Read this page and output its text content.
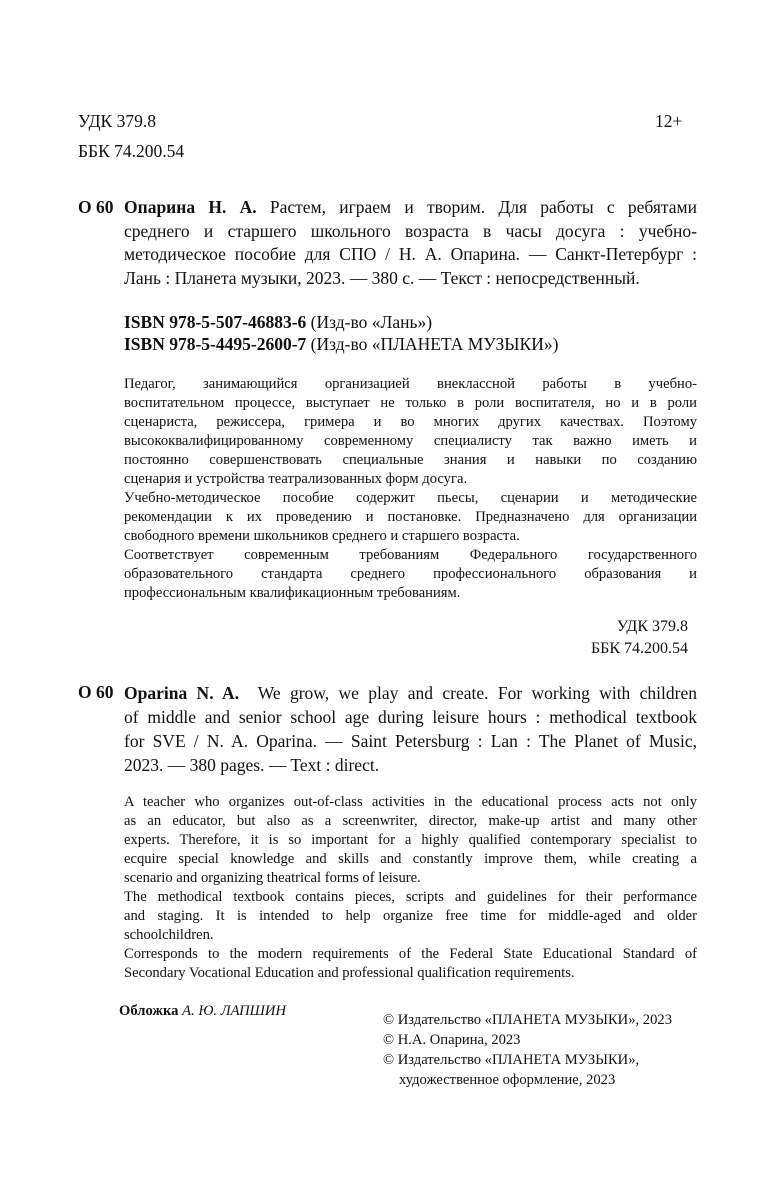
УДК 379.8	12+
ББК 74.200.54
О 60 Опарина Н. А. Растем, играем и творим. Для работы с ребятами
среднего и старшего школьного возраста в часы досуга : учебно-
методическое пособие для СПО / Н. А. Опарина. — Санкт-Петербург :
Лань : Планета музыки, 2023. — 380 с. — Текст : непосредственный.
ISBN 978-5-507-46883-6 (Изд-во «Лань»)
ISBN 978-5-4495-2600-7 (Изд-во «ПЛАНЕТА МУЗЫКИ»)
Педагог, занимающийся организацией внеклассной работы в учебно-
воспитательном процессе, выступает не только в роли воспитателя, но и в роли
сценариста, режиссера, гримера и во многих других качествах. Поэтому
высококвалифицированному современному специалисту так важно иметь и
постоянно совершенствовать специальные знания и навыки по созданию
сценария и устройства театрализованных форм досуга.
Учебно-методическое пособие содержит пьесы, сценарии и методические
рекомендации к их проведению и постановке. Предназначено для организации
свободного времени школьников среднего и старшего возраста.
Соответствует современным требованиям Федерального государственного
образовательного стандарта среднего профессионального образования и
профессиональным квалификационным требованиям.
УДК 379.8
ББК 74.200.54
О 60 Oparina N. A. We grow, we play and create. For working with children
of middle and senior school age during leisure hours : methodical textbook
for SVE / N. A. Oparina. — Saint Petersburg : Lan : The Planet of Music,
2023. — 380 pages. — Text : direct.
A teacher who organizes out-of-class activities in the educational process acts not only
as an educator, but also as a screenwriter, director, make-up artist and many other
experts. Therefore, it is so important for a highly qualified contemporary specialist to
ecquire special knowledge and skills and constantly improve them, while creating a
scenario and organizing theatrical forms of leisure.
The methodical textbook contains pieces, scripts and guidelines for their performance
and staging. It is intended to help organize free time for middle-aged and older
schoolchildren.
Corresponds to the modern requirements of the Federal State Educational Standard of
Secondary Vocational Education and professional qualification requirements.
Обложка А. Ю. ЛАПШИН
© Издательство «ПЛАНЕТА МУЗЫКИ», 2023
© Н.А. Опарина, 2023
© Издательство «ПЛАНЕТА МУЗЫКИ»,
художественное оформление, 2023
